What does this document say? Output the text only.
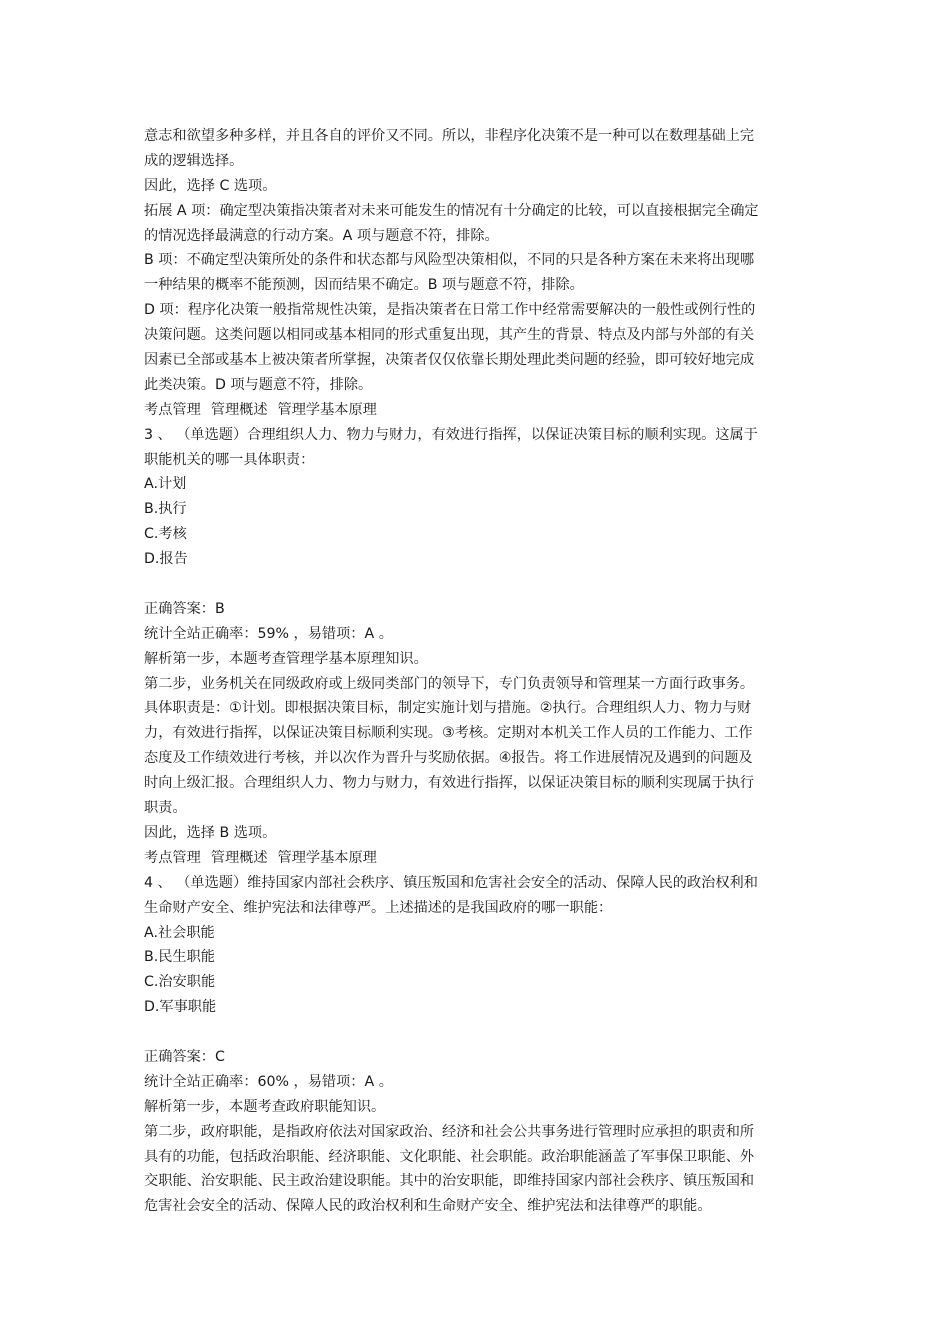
意志和欲望多种多样，并且各自的评价又不同。所以，非程序化决策不是一种可以在数理基础上完
成的逻辑选择。
因此，选择 C 选项。
拓展 A 项：确定型决策指决策者对未来可能发生的情况有十分确定的比较，可以直接根据完全确定
的情况选择最满意的行动方案。A 项与题意不符，排除。
B 项：不确定型决策所处的条件和状态都与风险型决策相似，不同的只是各种方案在未来将出现哪
一种结果的概率不能预测，因而结果不确定。B 项与题意不符，排除。
D 项：程序化决策一般指常规性决策，是指决策者在日常工作中经常需要解决的一般性或例行性的
决策问题。这类问题以相同或基本相同的形式重复出现，其产生的背景、特点及内部与外部的有关
因素已全部或基本上被决策者所掌握，决策者仅仅依靠长期处理此类问题的经验，即可较好地完成
此类决策。D 项与题意不符，排除。
考点管理 管理概述 管理学基本原理
3 、 （单选题）合理组织人力、物力与财力，有效进行指挥，以保证决策目标的顺利实现。这属于
职能机关的哪一具体职责：
A.计划
B.执行
C.考核
D.报告
正确答案：B
统计全站正确率：59% ，易错项：A 。
解析第一步，本题考查管理学基本原理知识。
第二步，业务机关在同级政府或上级同类部门的领导下，专门负责领导和管理某一方面行政事务。
具体职责是：①计划。即根据决策目标，制定实施计划与措施。②执行。合理组织人力、物力与财
力，有效进行指挥，以保证决策目标顺利实现。③考核。定期对本机关工作人员的工作能力、工作
态度及工作绩效进行考核，并以次作为晋升与奖励依据。④报告。将工作进展情况及遇到的问题及
时向上级汇报。合理组织人力、物力与财力，有效进行指挥，以保证决策目标的顺利实现属于执行
职责。
因此，选择 B 选项。
考点管理 管理概述 管理学基本原理
4 、 （单选题）维持国家内部社会秩序、镇压叛国和危害社会安全的活动、保障人民的政治权利和
生命财产安全、维护宪法和法律尊严。上述描述的是我国政府的哪一职能：
A.社会职能
B.民生职能
C.治安职能
D.军事职能
正确答案：C
统计全站正确率：60% ，易错项：A 。
解析第一步，本题考查政府职能知识。
第二步，政府职能，是指政府依法对国家政治、经济和社会公共事务进行管理时应承担的职责和所
具有的功能，包括政治职能、经济职能、文化职能、社会职能。政治职能涵盖了军事保卫职能、外
交职能、治安职能、民主政治建设职能。其中的治安职能，即维持国家内部社会秩序、镇压叛国和
危害社会安全的活动、保障人民的政治权利和生命财产安全、维护宪法和法律尊严的职能。
